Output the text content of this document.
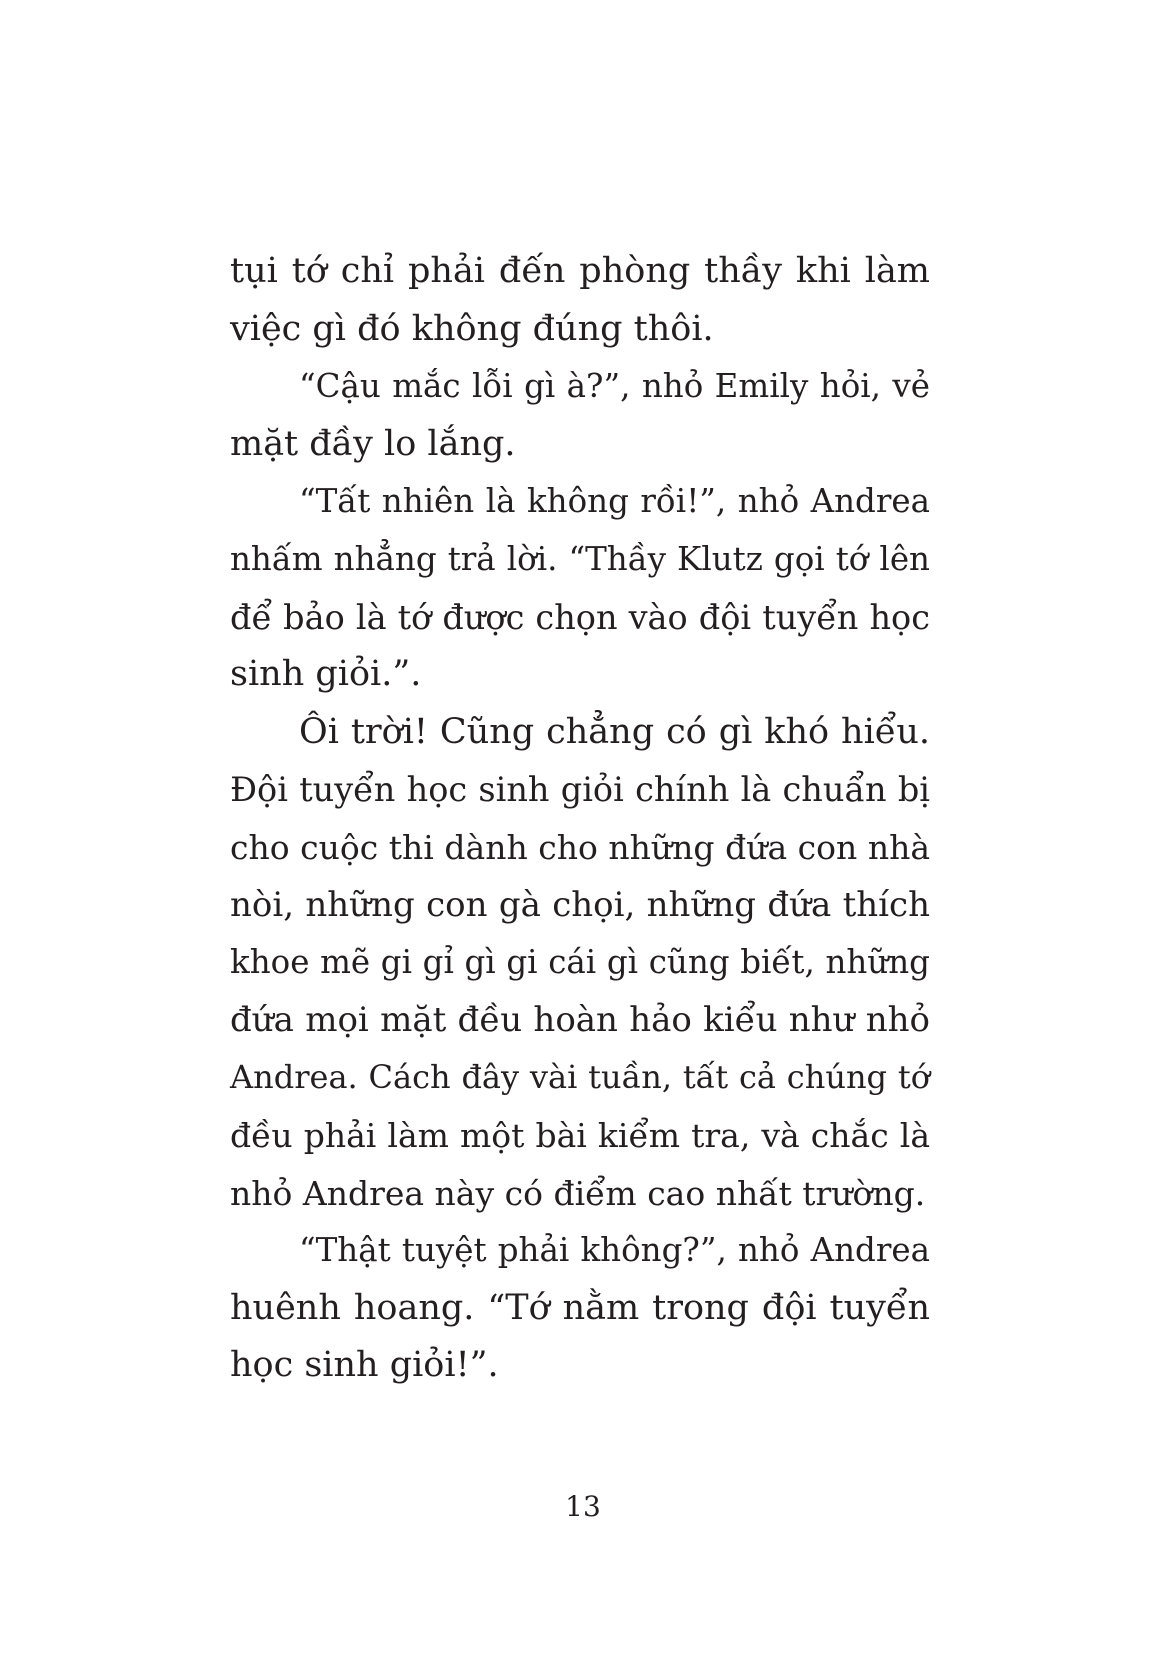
tụi tớ chỉ phải đến phòng thầy khi làm
việc gì đó không đúng thôi.
“Cậu mắc lỗi gì à?”, nhỏ Emily hỏi, vẻ
mặt đầy lo lắng.
“Tất nhiên là không rồi!”, nhỏ Andrea
nhấm nhẳng trả lời. “Thầy Klutz gọi tớ lên
để bảo là tớ được chọn vào đội tuyển học
sinh giỏi.”.
Ôi trời! Cũng chẳng có gì khó hiểu.
Đội tuyển học sinh giỏi chính là chuẩn bị
cho cuộc thi dành cho những đứa con nhà
nòi, những con gà chọi, những đứa thích
khoe mẽ gi gỉ gì gi cái gì cũng biết, những
đứa mọi mặt đều hoàn hảo kiểu như nhỏ
Andrea. Cách đây vài tuần, tất cả chúng tớ
đều phải làm một bài kiểm tra, và chắc là
nhỏ Andrea này có điểm cao nhất trường.
“Thật tuyệt phải không?”, nhỏ Andrea
huênh hoang. “Tớ nằm trong đội tuyển
học sinh giỏi!”.
13
